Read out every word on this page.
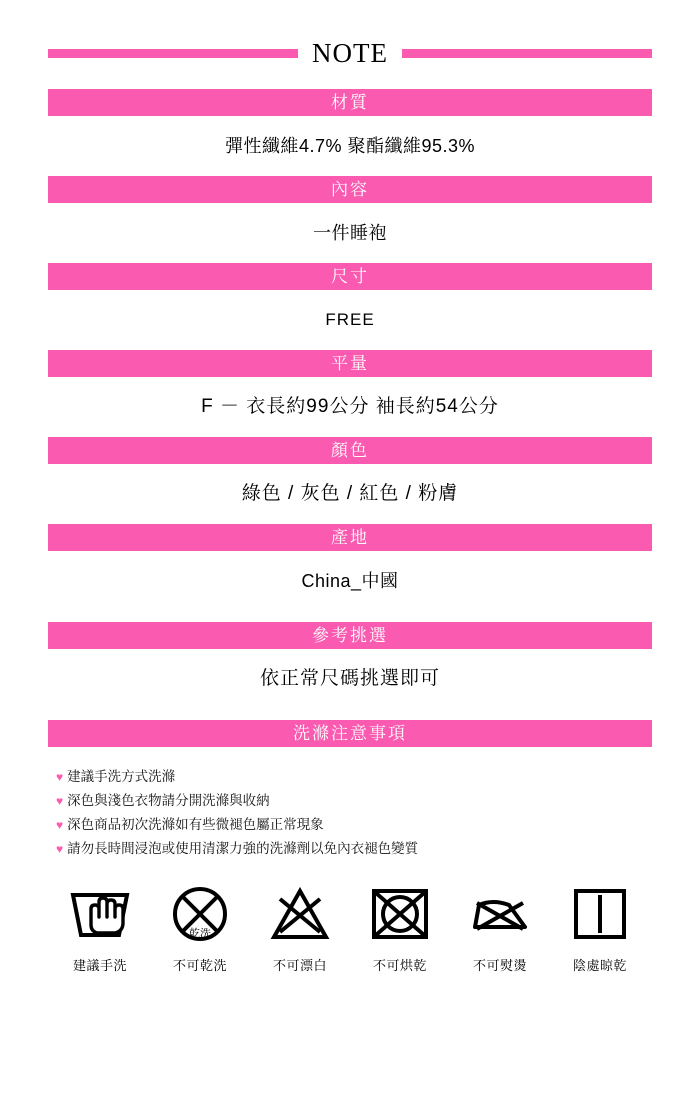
NOTE
材質
彈性纖維4.7% 聚酯纖維95.3%
內容
一件睡袍
尺寸
FREE
平量
F － 衣長約99公分 袖長約54公分
顏色
綠色 / 灰色 / 紅色 / 粉膚
產地
China_中國
參考挑選
依正常尺碼挑選即可
洗滌注意事項
♥ 建議手洗方式洗滌
♥ 深色與淺色衣物請分開洗滌與收納
♥ 深色商品初次洗滌如有些微褪色屬正常現象
♥ 請勿長時間浸泡或使用清潔力強的洗滌劑以免內衣褪色變質
建議手洗
乾洗
不可乾洗	不可漂白	不可烘乾	不可熨燙	陰處晾乾
